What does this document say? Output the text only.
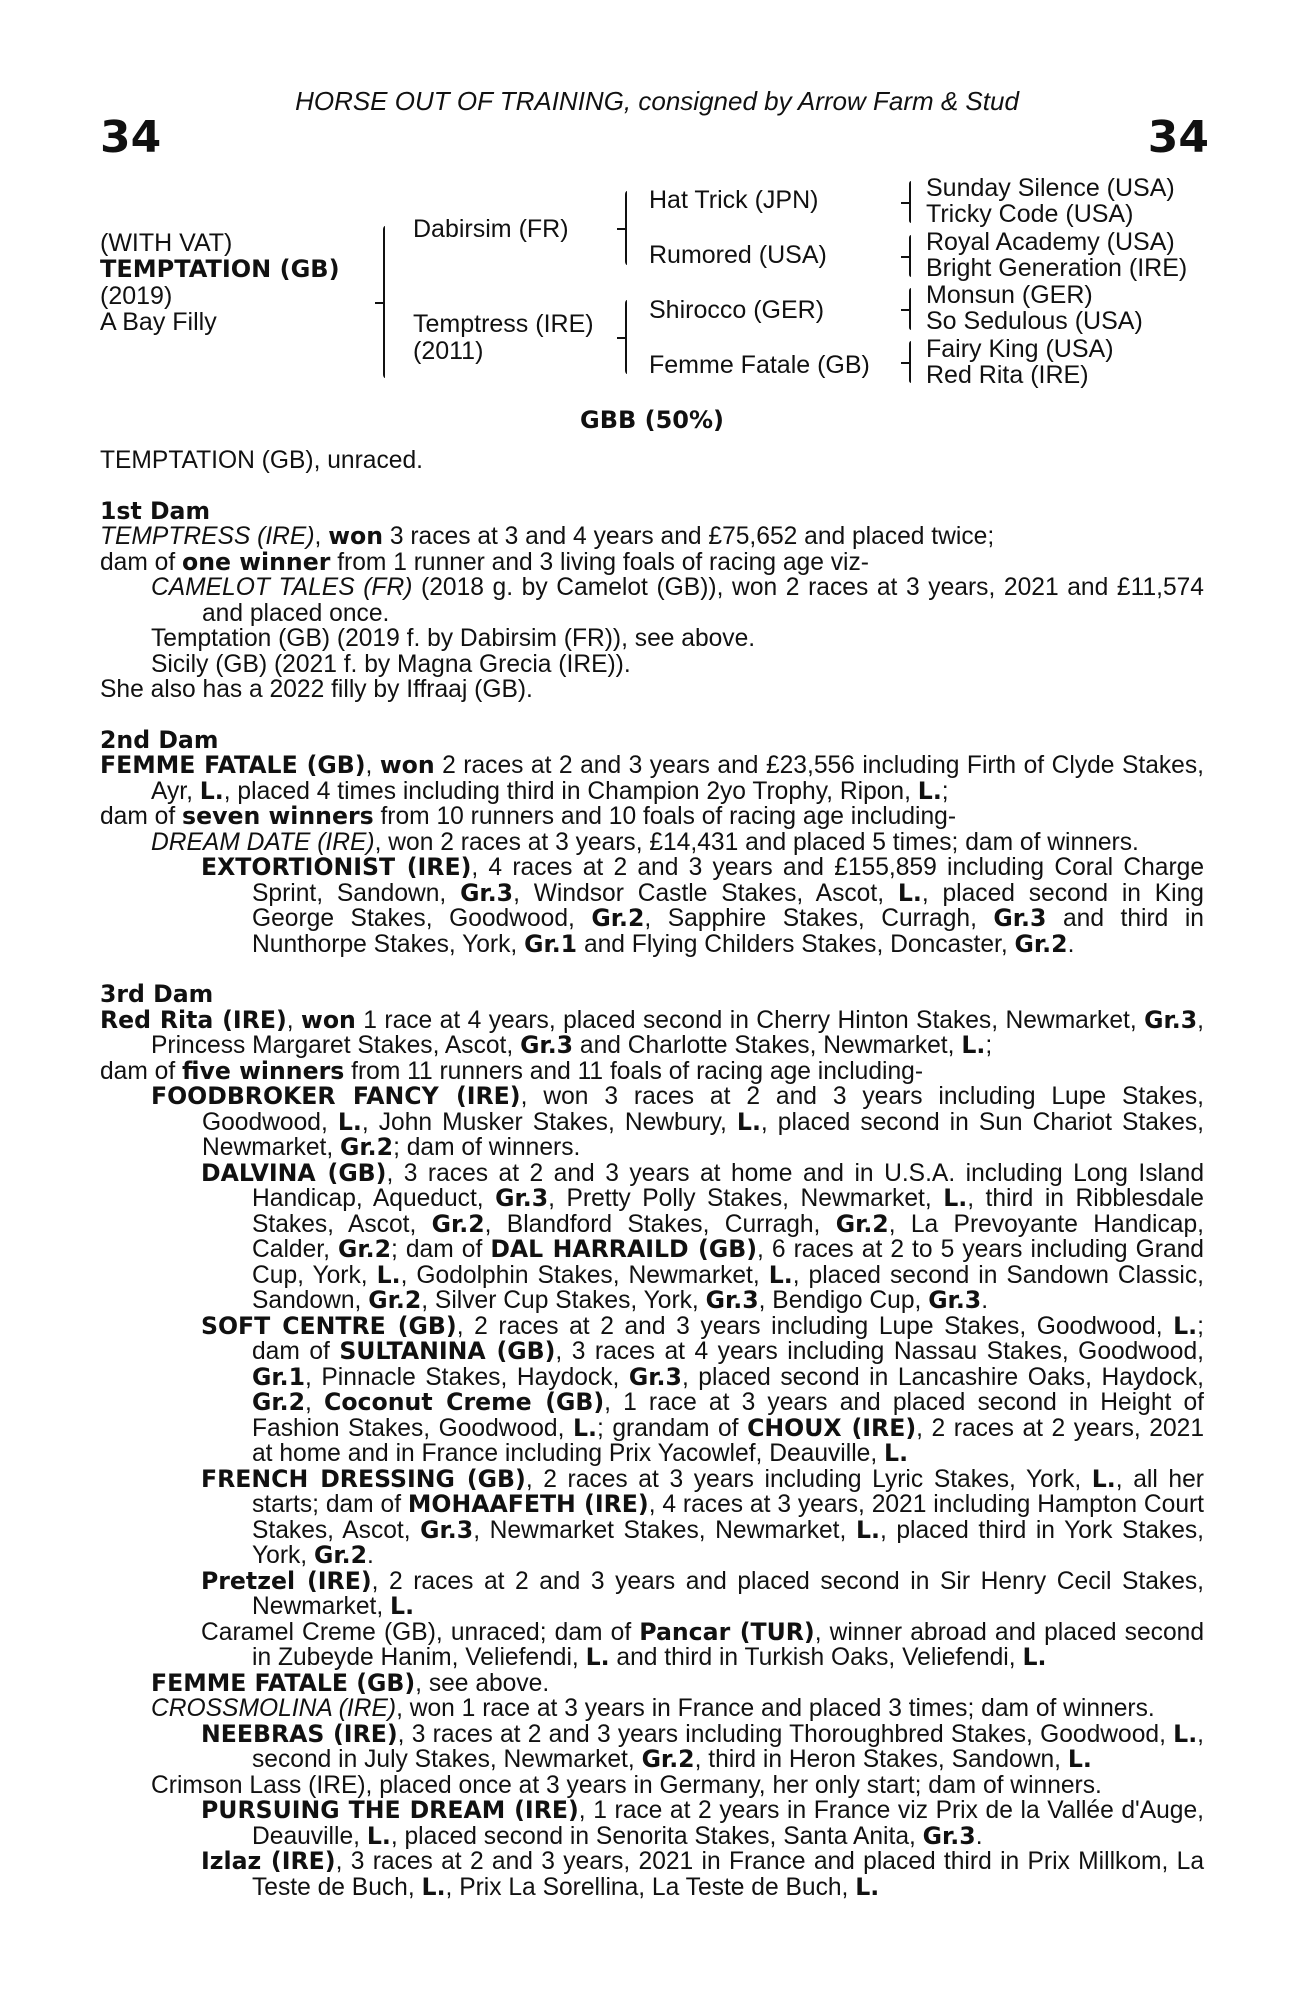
HORSE OUT OF TRAINING, consigned by Arrow Farm & Stud
34	34
(WITH VAT)
TEMPTATION (GB)
(2019)
A Bay Filly
Dabirsim (FR)
Temptress (IRE)
(2011)
Hat Trick (JPN)
Rumored (USA)
Shirocco (GER)
Femme Fatale (GB)
Sunday Silence (USA)
Tricky Code (USA)
Royal Academy (USA)
Bright Generation (IRE)
Monsun (GER)
So Sedulous (USA)
Fairy King (USA)
Red Rita (IRE)
GBB (50%)

TEMPTATION (GB), unraced.

1st Dam

TEMPTRESS (IRE), won 3 races at 3 and 4 years and £75,652 and placed twice;

dam of one winner from 1 runner and 3 living foals of racing age viz-

CAMELOT TALES (FR) (2018 g. by Camelot (GB)), won 2 races at 3 years, 2021 and £11,574 and placed once.

Temptation (GB) (2019 f. by Dabirsim (FR)), see above.

Sicily (GB) (2021 f. by Magna Grecia (IRE)).

She also has a 2022 filly by Iffraaj (GB).

2nd Dam

FEMME FATALE (GB), won 2 races at 2 and 3 years and £23,556 including Firth of Clyde Stakes, Ayr, L., placed 4 times including third in Champion 2yo Trophy, Ripon, L.;

dam of seven winners from 10 runners and 10 foals of racing age including-

DREAM DATE (IRE), won 2 races at 3 years, £14,431 and placed 5 times; dam of winners.

EXTORTIONIST (IRE), 4 races at 2 and 3 years and £155,859 including Coral Charge Sprint, Sandown, Gr.3, Windsor Castle Stakes, Ascot, L., placed second in King George Stakes, Goodwood, Gr.2, Sapphire Stakes, Curragh, Gr.3 and third in Nunthorpe Stakes, York, Gr.1 and Flying Childers Stakes, Doncaster, Gr.2.

3rd Dam

Red Rita (IRE), won 1 race at 4 years, placed second in Cherry Hinton Stakes, Newmarket, Gr.3, Princess Margaret Stakes, Ascot, Gr.3 and Charlotte Stakes, Newmarket, L.;

dam of five winners from 11 runners and 11 foals of racing age including-

FOODBROKER FANCY (IRE), won 3 races at 2 and 3 years including Lupe Stakes, Goodwood, L., John Musker Stakes, Newbury, L., placed second in Sun Chariot Stakes, Newmarket, Gr.2; dam of winners.

DALVINA (GB), 3 races at 2 and 3 years at home and in U.S.A. including Long Island Handicap, Aqueduct, Gr.3, Pretty Polly Stakes, Newmarket, L., third in Ribblesdale Stakes, Ascot, Gr.2, Blandford Stakes, Curragh, Gr.2, La Prevoyante Handicap, Calder, Gr.2; dam of DAL HARRAILD (GB), 6 races at 2 to 5 years including Grand Cup, York, L., Godolphin Stakes, Newmarket, L., placed second in Sandown Classic, Sandown, Gr.2, Silver Cup Stakes, York, Gr.3, Bendigo Cup, Gr.3.

SOFT CENTRE (GB), 2 races at 2 and 3 years including Lupe Stakes, Goodwood, L.; dam of SULTANINA (GB), 3 races at 4 years including Nassau Stakes, Goodwood, Gr.1, Pinnacle Stakes, Haydock, Gr.3, placed second in Lancashire Oaks, Haydock, Gr.2, Coconut Creme (GB), 1 race at 3 years and placed second in Height of Fashion Stakes, Goodwood, L.; grandam of CHOUX (IRE), 2 races at 2 years, 2021 at home and in France including Prix Yacowlef, Deauville, L.

FRENCH DRESSING (GB), 2 races at 3 years including Lyric Stakes, York, L., all her starts; dam of MOHAAFETH (IRE), 4 races at 3 years, 2021 including Hampton Court Stakes, Ascot, Gr.3, Newmarket Stakes, Newmarket, L., placed third in York Stakes, York, Gr.2.

Pretzel (IRE), 2 races at 2 and 3 years and placed second in Sir Henry Cecil Stakes, Newmarket, L.

Caramel Creme (GB), unraced; dam of Pancar (TUR), winner abroad and placed second in Zubeyde Hanim, Veliefendi, L. and third in Turkish Oaks, Veliefendi, L.

FEMME FATALE (GB), see above.

CROSSMOLINA (IRE), won 1 race at 3 years in France and placed 3 times; dam of winners.

NEEBRAS (IRE), 3 races at 2 and 3 years including Thoroughbred Stakes, Goodwood, L., second in July Stakes, Newmarket, Gr.2, third in Heron Stakes, Sandown, L.

Crimson Lass (IRE), placed once at 3 years in Germany, her only start; dam of winners.

PURSUING THE DREAM (IRE), 1 race at 2 years in France viz Prix de la Vallée d'Auge, Deauville, L., placed second in Senorita Stakes, Santa Anita, Gr.3.

Izlaz (IRE), 3 races at 2 and 3 years, 2021 in France and placed third in Prix Millkom, La Teste de Buch, L., Prix La Sorellina, La Teste de Buch, L.
